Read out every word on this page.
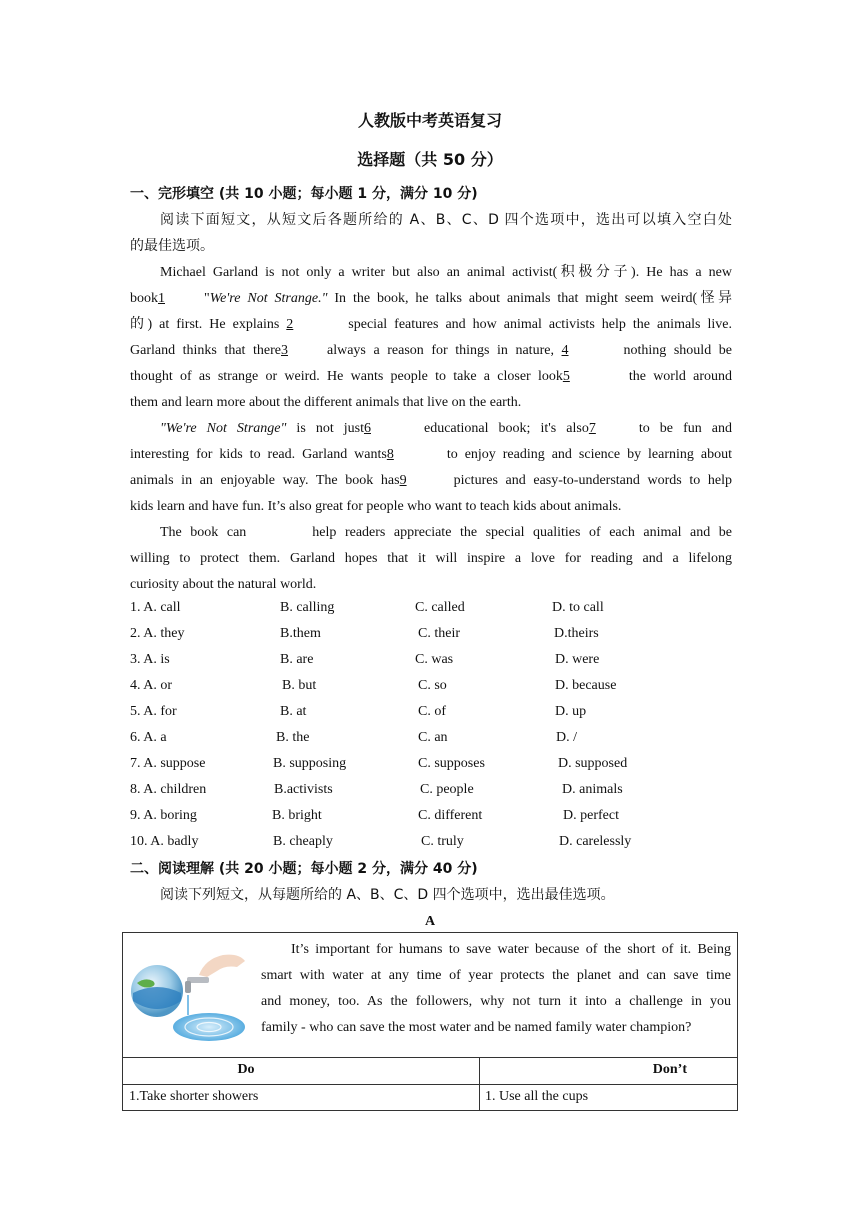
人教版中考英语复习
选择题（共 50 分）
一、完形填空 (共 10 小题；每小题 1 分，满分 10 分)
阅读下面短文，从短文后各题所给的 A、B、C、D 四个选项中，选出可以填入空白处
的最佳选项。
Michael Garland is not only a writer but also an animal activist(积极分子). He has a new
book1	"We're Not Strange." In the book, he talks about animals that might seem weird(怪异
的) at first. He explains 2	special features and how animal activists help the animals live.
Garland thinks that there3	always a reason for things in nature, 4	nothing should be
thought of as strange or weird. He wants people to take a closer look5	the world around
them and learn more about the different animals that live on the earth.
"We're Not Strange" is not just6	educational book; it's also7	to be fun and
interesting for kids to read. Garland wants8	to enjoy reading and science by learning about
animals in an enjoyable way. The book has9	pictures and easy-to-understand words to help
kids learn and have fun. It’s also great for people who want to teach kids about animals.
The book can	help readers appreciate the special qualities of each animal and be
willing to protect them. Garland hopes that it will inspire a love for reading and a lifelong
curiosity about the natural world.
1. A. call	B. calling	C. called	D. to call
2. A. they	B.them	C. their	D.theirs
3. A. is	B. are	C. was	D. were
4. A. or	B. but	C. so	D. because
5. A. for	B. at	C. of	D. up
6. A. a	B. the	C. an	D. /
7. A. suppose	B. supposing	C. supposes	D. supposed
8. A. children	B.activists	C. people	D. animals
9. A. boring	B. bright	C. different	D. perfect
10. A. badly	B. cheaply	C. truly	D. carelessly
二、阅读理解 (共 20 小题；每小题 2 分，满分 40 分)
阅读下列短文，从每题所给的 A、B、C、D 四个选项中，选出最佳选项。
A
It’s important for humans to save water because of the short of it. Being
smart with water at any time of year protects the planet and can save time
and money, too. As the followers, why not turn it into a challenge in you
family - who can save the most water and be named family water champion?
Do	Don’t
1.Take shorter showers	1. Use all the cups
